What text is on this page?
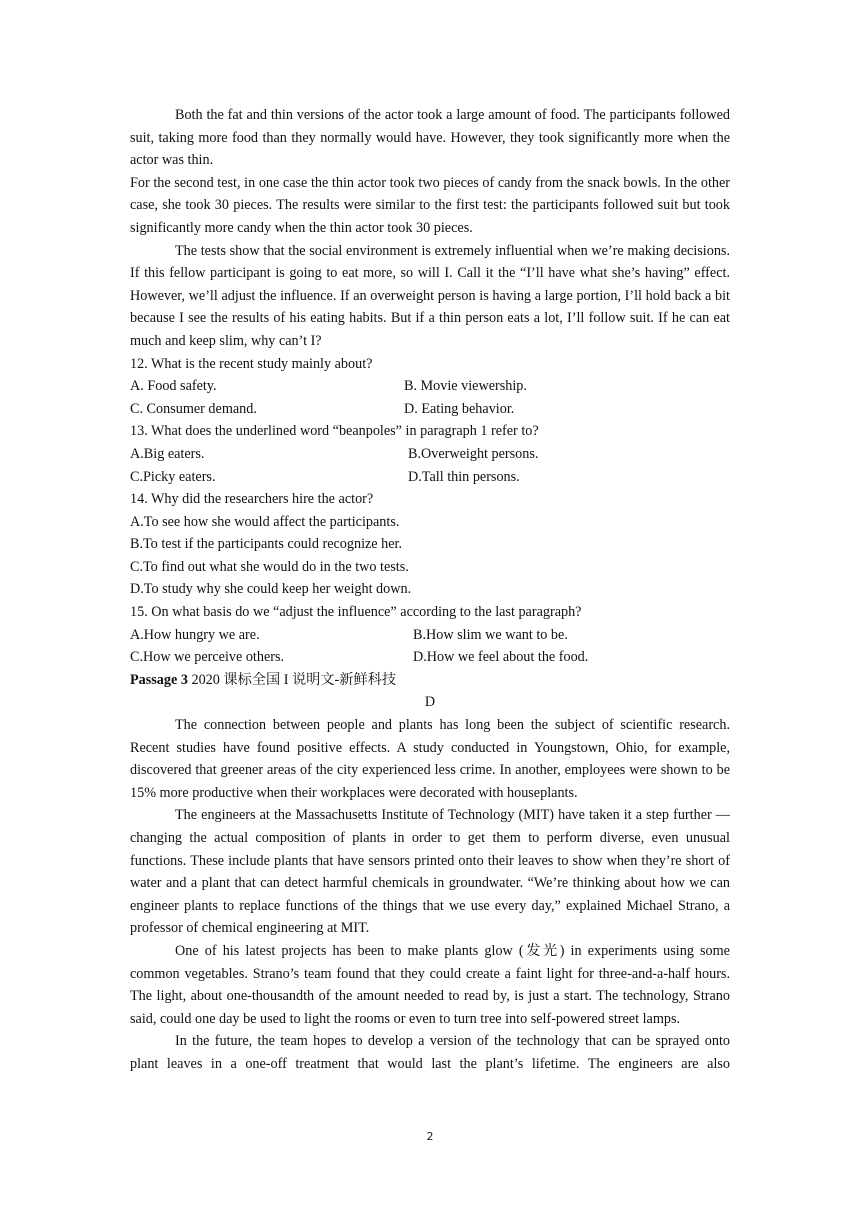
Both the fat and thin versions of the actor took a large amount of food. The participants followed suit, taking more food than they normally would have. However, they took significantly more when the actor was thin.

For the second test, in one case the thin actor took two pieces of candy from the snack bowls. In the other case, she took 30 pieces. The results were similar to the first test: the participants followed suit but took significantly more candy when the thin actor took 30 pieces.

The tests show that the social environment is extremely influential when we’re making decisions. If this fellow participant is going to eat more, so will I. Call it the “I’ll have what she’s having” effect. However, we’ll adjust the influence. If an overweight person is having a large portion, I’ll hold back a bit because I see the results of his eating habits. But if a thin person eats a lot, I’ll follow suit. If he can eat much and keep slim, why can’t I?

12. What is the recent study mainly about?

A. Food safety.	B. Movie viewership.
C. Consumer demand.	D. Eating behavior.

13. What does the underlined word “beanpoles” in paragraph 1 refer to?

A.Big eaters.	B.Overweight persons.
C.Picky eaters.	D.Tall thin persons.

14. Why did the researchers hire the actor?

A.To see how she would affect the participants.

B.To test if the participants could recognize her.

C.To find out what she would do in the two tests.

D.To study why she could keep her weight down.

15. On what basis do we “adjust the influence” according to the last paragraph?

A.How hungry we are.	B.How slim we want to be.
C.How we perceive others.	D.How we feel about the food.

Passage 3 2020 课标全国 I 说明文-新鲜科技

D

The connection between people and plants has long been the subject of scientific research. Recent studies have found positive effects. A study conducted in Youngstown, Ohio, for example, discovered that greener areas of the city experienced less crime. In another, employees were shown to be 15% more productive when their workplaces were decorated with houseplants.

The engineers at the Massachusetts Institute of Technology (MIT) have taken it a step further — changing the actual composition of plants in order to get them to perform diverse, even unusual functions. These include plants that have sensors printed onto their leaves to show when they’re short of water and a plant that can detect harmful chemicals in groundwater. “We’re thinking about how we can engineer plants to replace functions of the things that we use every day,” explained Michael Strano, a professor of chemical engineering at MIT.

One of his latest projects has been to make plants glow (发光) in experiments using some common vegetables. Strano’s team found that they could create a faint light for three-and-a-half hours. The light, about one-thousandth of the amount needed to read by, is just a start. The technology, Strano said, could one day be used to light the rooms or even to turn tree into self-powered street lamps.

In the future, the team hopes to develop a version of the technology that can be sprayed onto plant leaves in a one-off treatment that would last the plant’s lifetime. The engineers are also

2
